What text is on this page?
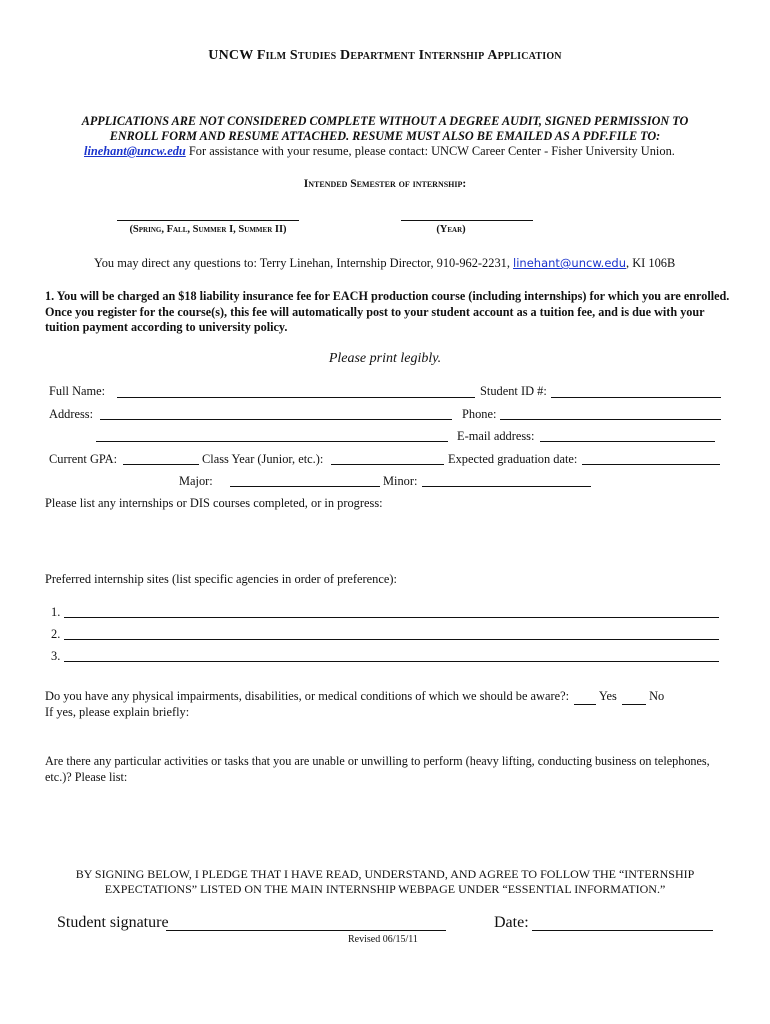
UNCW Film Studies Department Internship Application
APPLICATIONS ARE NOT CONSIDERED COMPLETE WITHOUT A DEGREE AUDIT, SIGNED PERMISSION TO
ENROLL FORM AND RESUME ATTACHED. RESUME MUST ALSO BE EMAILED AS A PDF.FILE TO:
linehant@uncw.edu For assistance with your resume, please contact: UNCW Career Center - Fisher University Union.
Intended Semester of internship:
(Spring, Fall, Summer I, Summer II)	(Year)
You may direct any questions to: Terry Linehan, Internship Director, 910-962-2231, linehant@uncw.edu, KI 106B
1. You will be charged an $18 liability insurance fee for EACH production course (including internships) for which you are enrolled. Once you register for the course(s), this fee will automatically post to your student account as a tuition fee, and is due with your tuition payment according to university policy.
Please print legibly.
Full Name:	Student ID #:
Address:	Phone:
E-mail address:
Current GPA:	Class Year (Junior, etc.):	Expected graduation date:
Major:	Minor:
Please list any internships or DIS courses completed, or in progress:
Preferred internship sites (list specific agencies in order of preference):
1.
2.
3.
Do you have any physical impairments, disabilities, or medical conditions of which we should be aware?: Yes	No
If yes, please explain briefly:
Are there any particular activities or tasks that you are unable or unwilling to perform (heavy lifting, conducting business on telephones, etc.)? Please list:
BY SIGNING BELOW, I PLEDGE THAT I HAVE READ, UNDERSTAND, AND AGREE TO FOLLOW THE “INTERNSHIP
EXPECTATIONS” LISTED ON THE MAIN INTERNSHIP WEBPAGE UNDER “ESSENTIAL INFORMATION.”
Student signature	Date:
Revised 06/15/11
